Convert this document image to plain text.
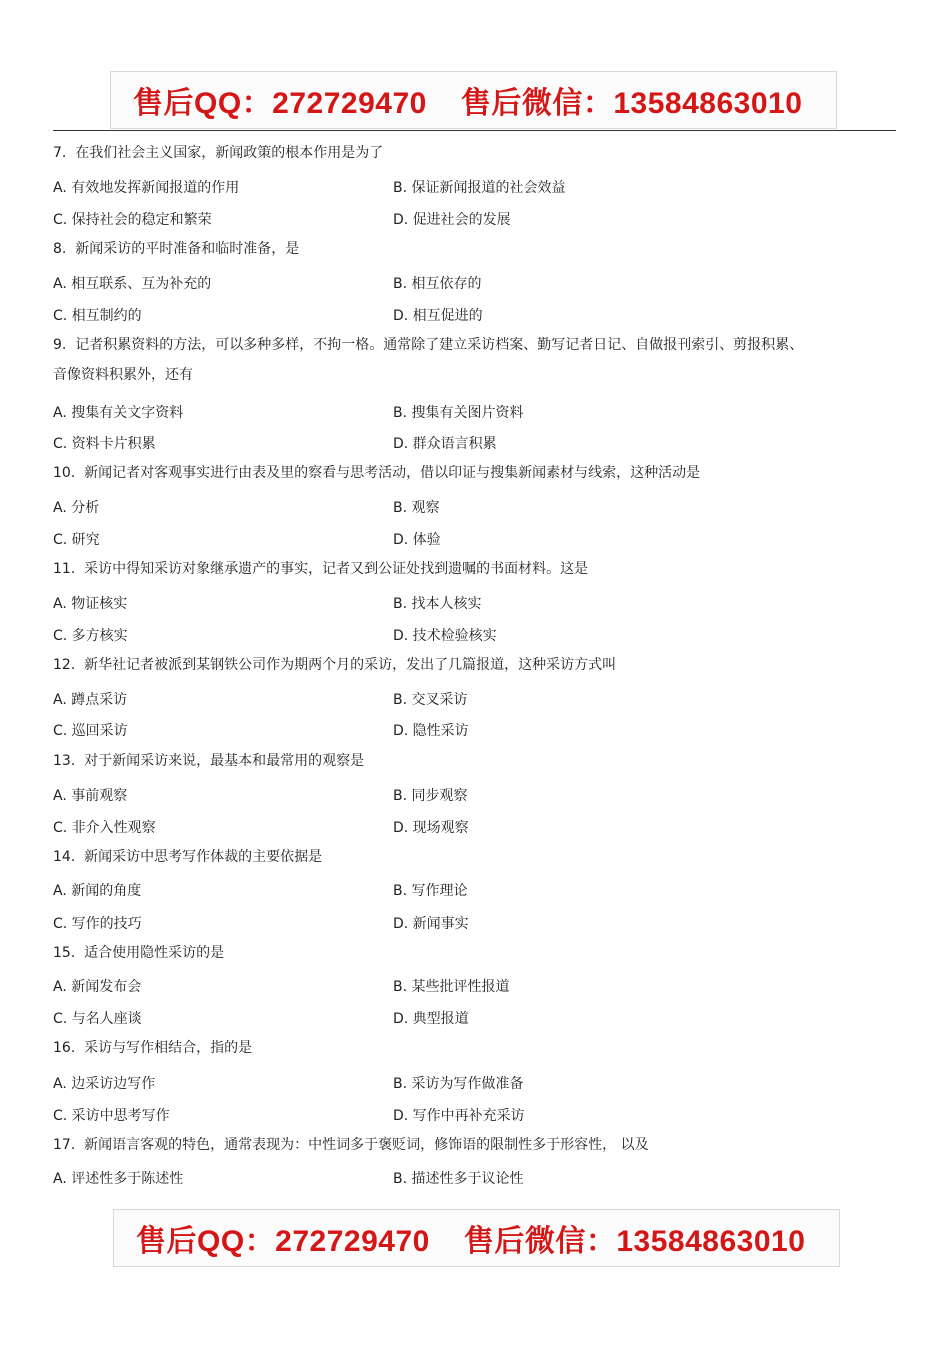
售后QQ：272729470 售后微信：13584863010
7. 在我们社会主义国家，新闻政策的根本作用是为了
A. 有效地发挥新闻报道的作用	B. 保证新闻报道的社会效益
C. 保持社会的稳定和繁荣	D. 促进社会的发展
8. 新闻采访的平时准备和临时准备，是
A. 相互联系、互为补充的	B. 相互依存的
C. 相互制约的	D. 相互促进的
9. 记者积累资料的方法，可以多种多样，不拘一格。通常除了建立采访档案、勤写记者日记、自做报刊索引、剪报积累、音像资料积累外，还有
A. 搜集有关文字资料	B. 搜集有关图片资料
C. 资料卡片积累	D. 群众语言积累
10. 新闻记者对客观事实进行由表及里的察看与思考活动，借以印证与搜集新闻素材与线索，这种活动是
A. 分析	B. 观察
C. 研究	D. 体验
11. 采访中得知采访对象继承遗产的事实，记者又到公证处找到遗嘱的书面材料。这是
A. 物证核实	B. 找本人核实
C. 多方核实	D. 技术检验核实
12. 新华社记者被派到某钢铁公司作为期两个月的采访，发出了几篇报道，这种采访方式叫
A. 蹲点采访	B. 交叉采访
C. 巡回采访	D. 隐性采访
13. 对于新闻采访来说，最基本和最常用的观察是
A. 事前观察	B. 同步观察
C. 非介入性观察	D. 现场观察
14. 新闻采访中思考写作体裁的主要依据是
A. 新闻的角度	B. 写作理论
C. 写作的技巧	D. 新闻事实
15. 适合使用隐性采访的是
A. 新闻发布会	B. 某些批评性报道
C. 与名人座谈	D. 典型报道
16. 采访与写作相结合，指的是
A. 边采访边写作	B. 采访为写作做准备
C. 采访中思考写作	D. 写作中再补充采访
17. 新闻语言客观的特色，通常表现为：中性词多于褒贬词，修饰语的限制性多于形容性， 以及
A. 评述性多于陈述性	B. 描述性多于议论性
售后QQ：272729470 售后微信：13584863010
